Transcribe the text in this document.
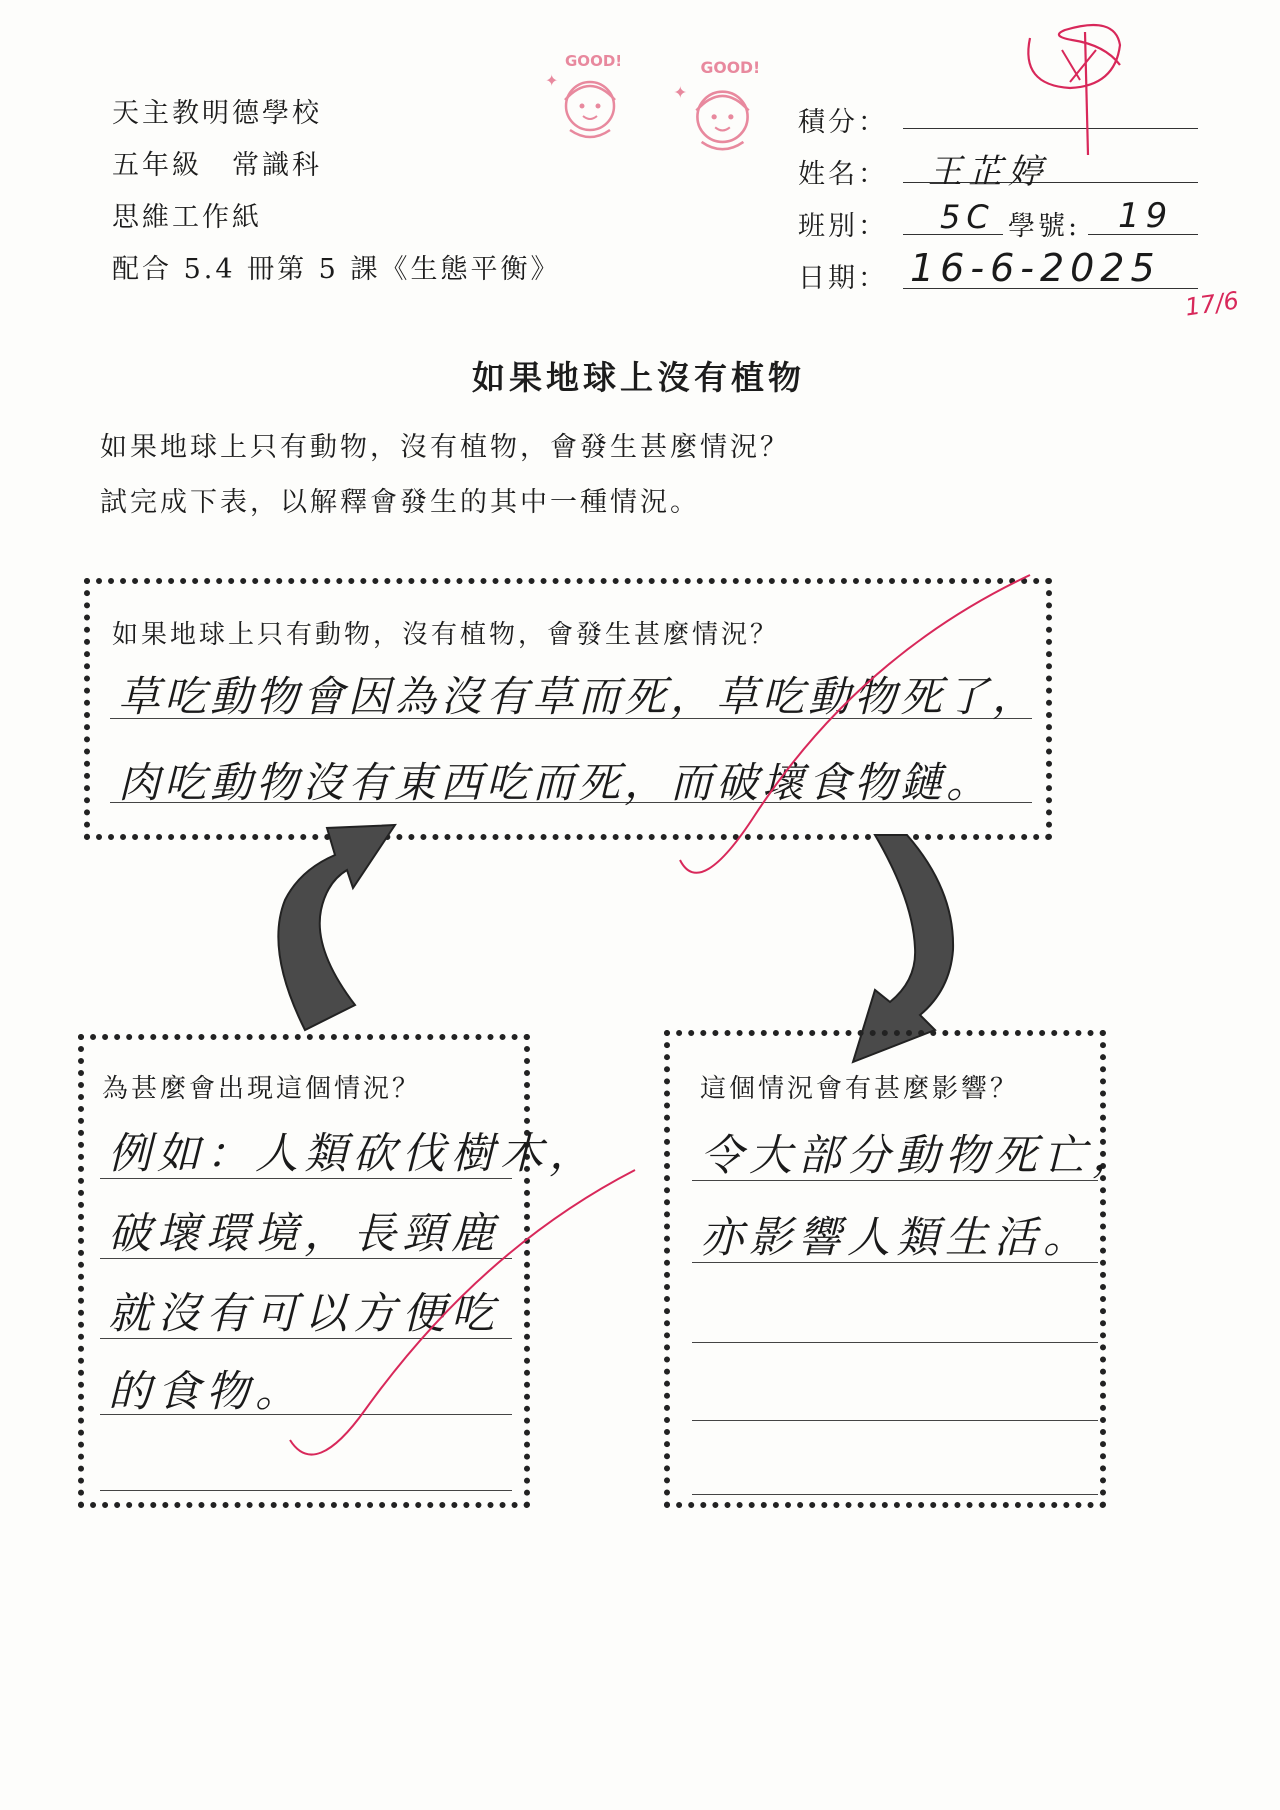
天主教明德學校
五年級　常識科
思維工作紙
配合 5.4 冊第 5 課《生態平衡》
GOOD!
✦
GOOD!
✦
積分：
姓名： 王芷婷
班別： 5C 學號: 19
日期： 16-6-2025
17/6
如果地球上沒有植物
如果地球上只有動物，沒有植物，會發生甚麼情況？
試完成下表，以解釋會發生的其中一種情況。
如果地球上只有動物，沒有植物，會發生甚麼情況？
草吃動物會因為沒有草而死，草吃動物死了，
肉吃動物沒有東西吃而死，而破壞食物鏈。
為甚麼會出現這個情況？
例如：人類砍伐樹木，
破壞環境，長頸鹿
就沒有可以方便吃
的食物。
這個情況會有甚麼影響？
令大部分動物死亡，
亦影響人類生活。
